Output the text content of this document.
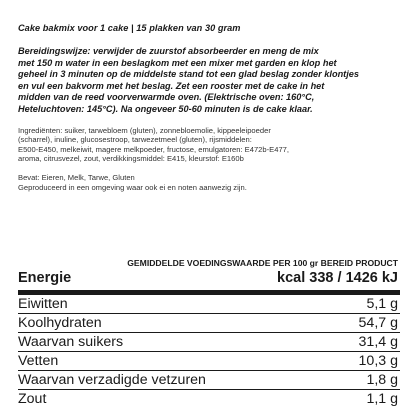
Cake bakmix voor 1 cake | 15 plakken van 30 gram
Bereidingswijze: verwijder de zuurstof absorbeerder en meng de mix
met 150 m water in een beslagkom met een mixer met garden en klop het
geheel in 3 minuten op de middelste stand tot een glad beslag zonder klontjes
en vul een bakvorm met het beslag. Zet een rooster met de cake in het
midden van de reed voorverwarmde oven. (Elektrische oven: 160°C,
Heteluchtoven: 145°C). Na ongeveer 50-60 minuten is de cake klaar.
Ingrediënten: suiker, tarwebloem (gluten), zonnebloemolie, kippeeleipoeder
(scharrel), inuline, glucosestroop, tarwezetmeel (gluten), rijsmiddelen:
E500-E450, melkeiwit, magere melkpoeder, fructose, emulgatoren: E472b-E477,
aroma, citrusvezel, zout, verdikkingsmiddel: E415, kleurstof: E160b
Bevat: Eieren, Melk, Tarwe, Gluten
Geproduceerd in een omgeving waar ook ei en noten aanwezig zijn.
GEMIDDELDE VOEDINGSWAARDE PER 100 gr BEREID PRODUCT
Energie	kcal 338 / 1426 kJ
Eiwitten	5,1 g
Koolhydraten	54,7 g
Waarvan suikers	31,4 g
Vetten	10,3 g
Waarvan verzadigde vetzuren	1,8 g
Zout	1,1 g
